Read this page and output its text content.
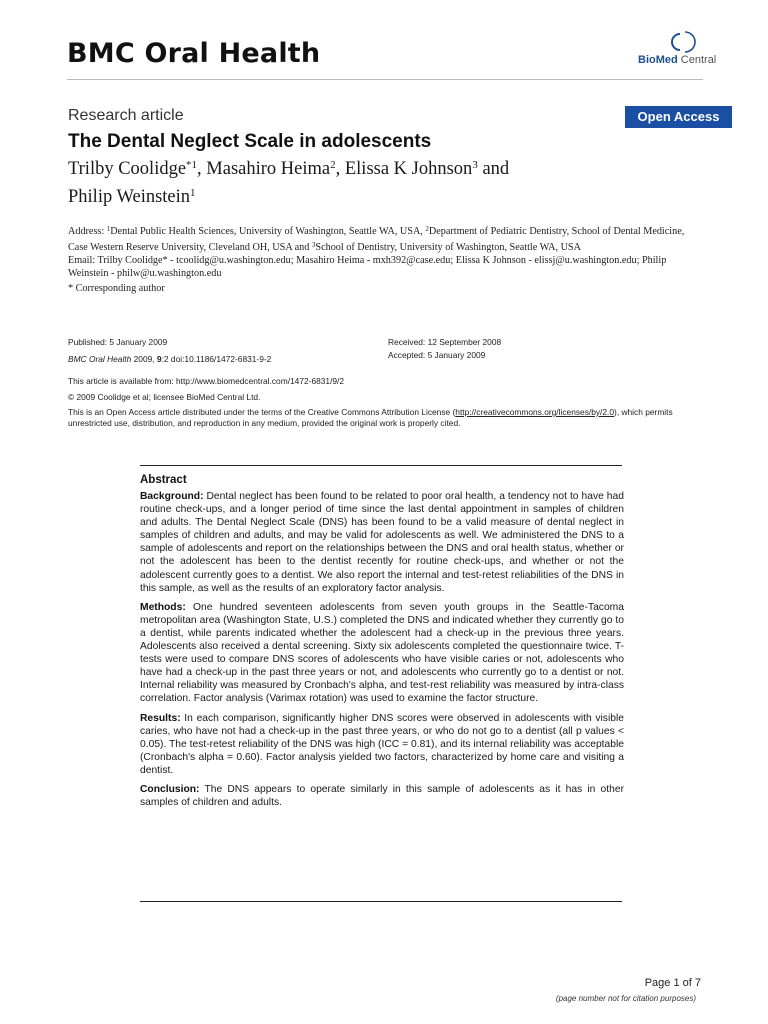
BMC Oral Health	BioMed Central
Research article	Open Access
The Dental Neglect Scale in adolescents
Trilby Coolidge$^{*1}$, Masahiro Heima$^2$, Elissa K Johnson$^3$ and
Philip Weinstein$^1$
Address: $^1$Dental Public Health Sciences, University of Washington, Seattle WA, USA, $^2$Department of Pediatric Dentistry, School of Dental Medicine, Case Western Reserve University, Cleveland OH, USA and $^3$School of Dentistry, University of Washington, Seattle WA, USA
Email: Trilby Coolidge* - tcoolidg@u.washington.edu; Masahiro Heima - mxh392@case.edu; Elissa K Johnson - elissj@u.washington.edu; Philip Weinstein - philw@u.washington.edu
* Corresponding author
Published: 5 January 2009
BMC Oral Health 2009, 9:2 doi:10.1186/1472-6831-9-2
Received: 12 September 2008
Accepted: 5 January 2009
This article is available from: http://www.biomedcentral.com/1472-6831/9/2
© 2009 Coolidge et al; licensee BioMed Central Ltd.
This is an Open Access article distributed under the terms of the Creative Commons Attribution License (http://creativecommons.org/licenses/by/2.0), which permits unrestricted use, distribution, and reproduction in any medium, provided the original work is properly cited.
Abstract

Background: Dental neglect has been found to be related to poor oral health, a tendency not to have had routine check-ups, and a longer period of time since the last dental appointment in samples of children and adults. The Dental Neglect Scale (DNS) has been found to be a valid measure of dental neglect in samples of children and adults, and may be valid for adolescents as well. We administered the DNS to a sample of adolescents and report on the relationships between the DNS and oral health status, whether or not the adolescent has been to the dentist recently for routine check-ups, and whether or not the adolescent currently goes to a dentist. We also report the internal and test-retest reliabilities of the DNS in this sample, as well as the results of an exploratory factor analysis.

Methods: One hundred seventeen adolescents from seven youth groups in the Seattle-Tacoma metropolitan area (Washington State, U.S.) completed the DNS and indicated whether they currently go to a dentist, while parents indicated whether the adolescent had a check-up in the previous three years. Adolescents also received a dental screening. Sixty six adolescents completed the questionnaire twice. T-tests were used to compare DNS scores of adolescents who have visible caries or not, adolescents who have had a check-up in the past three years or not, and adolescents who currently go to a dentist or not. Internal reliability was measured by Cronbach's alpha, and test-rest reliability was measured by intra-class correlation. Factor analysis (Varimax rotation) was used to examine the factor structure.

Results: In each comparison, significantly higher DNS scores were observed in adolescents with visible caries, who have not had a check-up in the past three years, or who do not go to a dentist (all p values < 0.05). The test-retest reliability of the DNS was high (ICC = 0.81), and its internal reliability was acceptable (Cronbach's alpha = 0.60). Factor analysis yielded two factors, characterized by home care and visiting a dentist.

Conclusion: The DNS appears to operate similarly in this sample of adolescents as it has in other samples of children and adults.

Page 1 of 7
(page number not for citation purposes)
